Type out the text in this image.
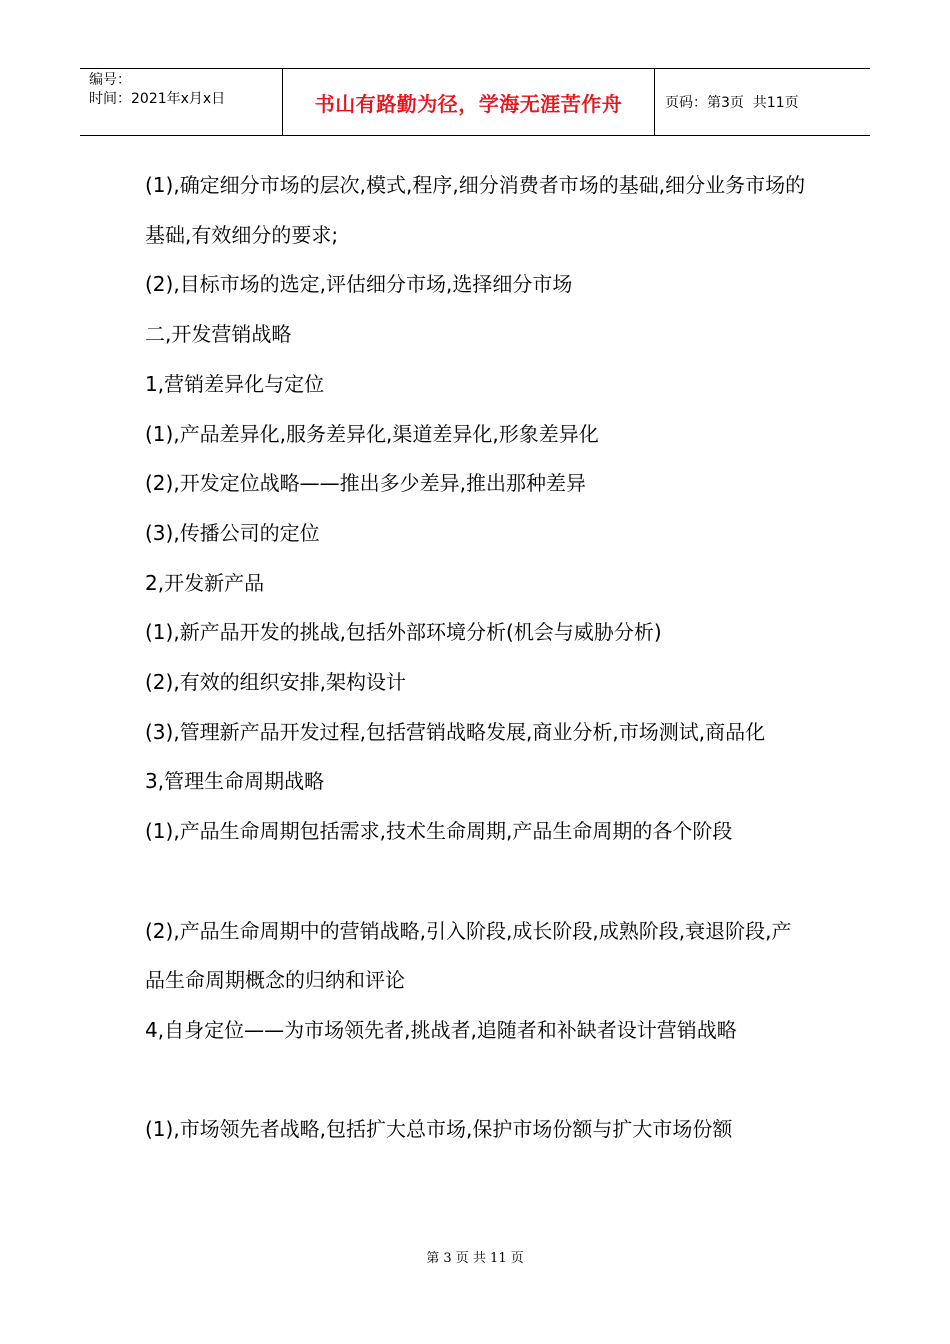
编号：
时间：2021年x月x日	书山有路勤为径，学海无涯苦作舟	页码：第3页  共11页

(1),确定细分市场的层次,模式,程序,细分消费者市场的基础,细分业务市场的基础,有效细分的要求;

(2),目标市场的选定,评估细分市场,选择细分市场

二,开发营销战略

1,营销差异化与定位

(1),产品差异化,服务差异化,渠道差异化,形象差异化

(2),开发定位战略——推出多少差异,推出那种差异

(3),传播公司的定位

2,开发新产品

(1),新产品开发的挑战,包括外部环境分析(机会与威胁分析)

(2),有效的组织安排,架构设计

(3),管理新产品开发过程,包括营销战略发展,商业分析,市场测试,商品化

3,管理生命周期战略

(1),产品生命周期包括需求,技术生命周期,产品生命周期的各个阶段

(2),产品生命周期中的营销战略,引入阶段,成长阶段,成熟阶段,衰退阶段,产品生命周期概念的归纳和评论

4,自身定位——为市场领先者,挑战者,追随者和补缺者设计营销战略

(1),市场领先者战略,包括扩大总市场,保护市场份额与扩大市场份额

第 3 页 共 11 页
